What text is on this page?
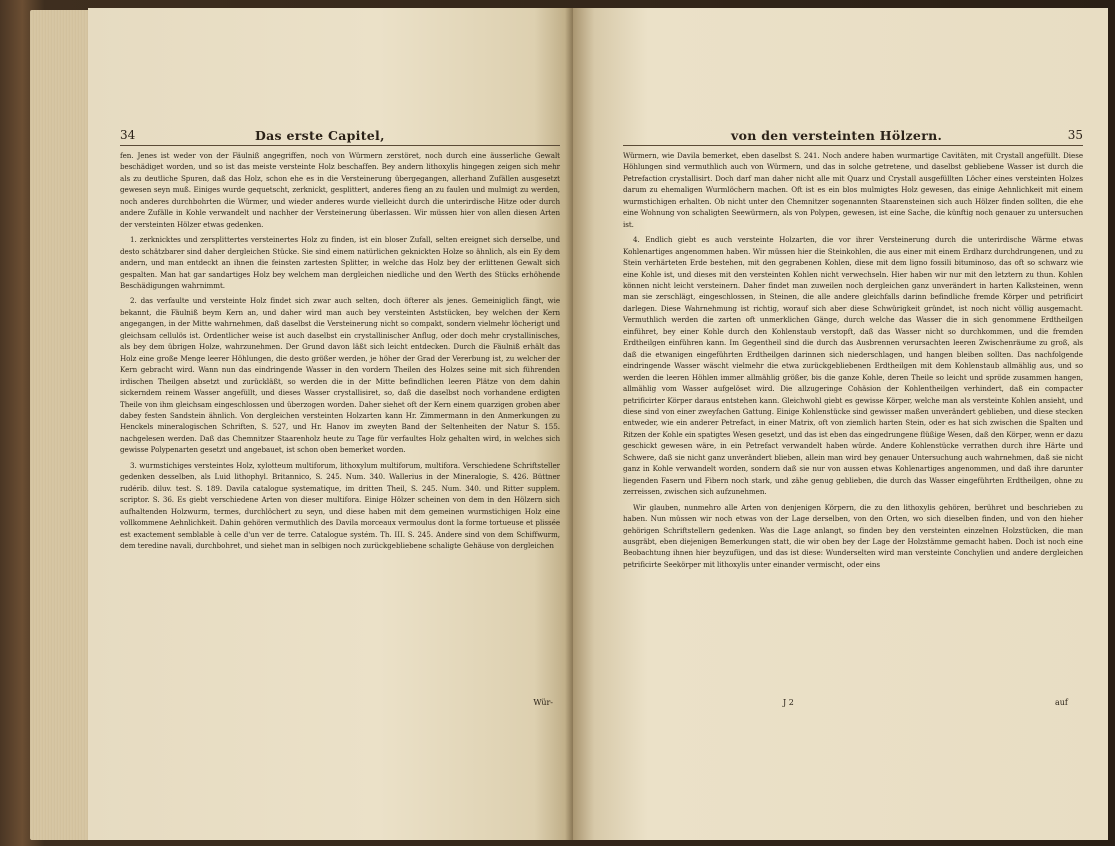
34	Das erste Capitel,

fen. Jenes ist weder von der Fäulniß angegriffen, noch von Würmern zerstöret, noch durch eine äusserliche Gewalt beschädiget worden, und so ist das meiste versteinte Holz beschaffen. Bey andern lithoxylis hingegen zeigen sich mehr als zu deutliche Spuren, daß das Holz, schon ehe es in die Versteinerung übergegangen, allerhand Zufällen ausgesetzt gewesen seyn muß. Einiges wurde gequetscht, zerknickt, gesplittert, anderes fieng an zu faulen und mulmigt zu werden, noch anderes durchbohrten die Würmer, und wieder anderes wurde vielleicht durch die unterirdische Hitze oder durch andere Zufälle in Kohle verwandelt und nachher der Versteinerung überlassen. Wir müssen hier von allen diesen Arten der versteinten Hölzer etwas gedenken.

1. zerknicktes und zersplittertes versteinertes Holz zu finden, ist ein bloser Zufall, selten ereignet sich derselbe, und desto schätzbarer sind daher dergleichen Stücke. Sie sind einem natürlichen geknickten Holze so ähnlich, als ein Ey dem andern, und man entdeckt an ihnen die feinsten zartesten Splitter, in welche das Holz bey der erlittenen Gewalt sich gespalten. Man hat gar sandartiges Holz bey welchem man dergleichen niedliche und den Werth des Stücks erhöhende Beschädigungen wahrnimmt.

2. das verfaulte und versteinte Holz findet sich zwar auch selten, doch öfterer als jenes. Gemeiniglich fängt, wie bekannt, die Fäulniß beym Kern an, und daher wird man auch bey versteinten Aststücken, bey welchen der Kern angegangen, in der Mitte wahrnehmen, daß daselbst die Versteinerung nicht so compakt, sondern vielmehr löcherigt und gleichsam cellulös ist. Ordentlicher weise ist auch daselbst ein crystallinischer Anflug, oder doch mehr crystallinisches, als bey dem übrigen Holze, wahrzunehmen. Der Grund davon läßt sich leicht entdecken. Durch die Fäulniß erhält das Holz eine große Menge leerer Höhlungen, die desto größer werden, je höher der Grad der Vererbung ist, zu welcher der Kern gebracht wird. Wann nun das eindringende Wasser in den vordern Theilen des Holzes seine mit sich führenden irdischen Theilgen absetzt und zurückläßt, so werden die in der Mitte befindlichen leeren Plätze von dem dahin sickerndem reinem Wasser angefüllt, und dieses Wasser crystallisiret, so, daß die daselbst noch vorhandene erdigten Theile von ihm gleichsam eingeschlossen und überzogen worden. Daher siehet oft der Kern einem quarzigen groben aber dabey festen Sandstein ähnlich. Von dergleichen versteinten Holzarten kann Hr. Zimmermann in den Anmerkungen zu Henckels mineralogischen Schriften, S. 527, und Hr. Hanov im zweyten Band der Seltenheiten der Natur S. 155. nachgelesen werden. Daß das Chemnitzer Staarenholz heute zu Tage für verfaultes Holz gehalten wird, in welches sich gewisse Polypenarten gesetzt und angebauet, ist schon oben bemerket worden.

3. wurmstichiges versteintes Holz, xylotteum multiforum, lithoxylum multiforum, multifora. Verschiedene Schriftsteller gedenken desselben, als Luid lithophyl. Britannico, S. 245. Num. 340. Wallerius in der Mineralogie, S. 426. Büttner rudérib. diluv. test. S. 189. Davila catalogue systematique, im dritten Theil, S. 245. Num. 340. und Ritter supplem. scriptor. S. 36. Es giebt verschiedene Arten von dieser multifora. Einige Hölzer scheinen von dem in den Hölzern sich aufhaltenden Holzwurm, termes, durchlöchert zu seyn, und diese haben mit dem gemeinen wurmstichigen Holz eine vollkommene Aehnlichkeit. Dahin gehören vermuthlich des Davila morceaux vermoulus dont la forme tortueuse et plissée est exactement semblable à celle d'un ver de terre. Catalogue systém. Th. III. S. 245. Andere sind von dem Schiffwurm, dem teredine navali, durchbohret, und siehet man in selbigen noch zurückgebliebene schaligte Gehäuse von dergleichen

Wür-
von den versteinten Hölzern.	35

Würmern, wie Davila bemerket, eben daselbst S. 241. Noch andere haben wurmartige Cavitäten, mit Crystall angefüllt. Diese Höhlungen sind vermuthlich auch von Würmern, und das in solche getretene, und daselbst gebliebene Wasser ist durch die Petrefaction crystallisirt. Doch darf man daher nicht alle mit Quarz und Crystall ausgefüllten Löcher eines versteinten Holzes darum zu ehemaligen Wurmlöchern machen. Oft ist es ein blos mulmigtes Holz gewesen, das einige Aehnlichkeit mit einem wurmstichigen erhalten. Ob nicht unter den Chemnitzer sogenannten Staarensteinen sich auch Hölzer finden sollten, die ehe eine Wohnung von schaligten Seewürmern, als von Polypen, gewesen, ist eine Sache, die künftig noch genauer zu untersuchen ist.

4. Endlich giebt es auch versteinte Holzarten, die vor ihrer Versteinerung durch die unterirdische Wärme etwas Kohlenartiges angenommen haben. Wir müssen hier die Steinkohlen, die aus einer mit einem Erdharz durchdrungenen, und zu Stein verhärteten Erde bestehen, mit den gegrabenen Kohlen, diese mit dem ligno fossili bituminoso, das oft so schwarz wie eine Kohle ist, und dieses mit den versteinten Kohlen nicht verwechseln. Hier haben wir nur mit den letztern zu thun. Kohlen können nicht leicht versteinern. Daher findet man zuweilen noch dergleichen ganz unverändert in harten Kalksteinen, wenn man sie zerschlägt, eingeschlossen, in Steinen, die alle andere gleichfalls darinn befindliche fremde Körper und petrificirt darlegen. Diese Wahrnehmung ist richtig, worauf sich aber diese Schwürigkeit gründet, ist noch nicht völlig ausgemacht. Vermuthlich werden die zarten oft unmerklichen Gänge, durch welche das Wasser die in sich genommene Erdtheilgen einführet, bey einer Kohle durch den Kohlenstaub verstopft, daß das Wasser nicht so durchkommen, und die fremden Erdtheilgen einführen kann. Im Gegentheil sind die durch das Ausbrennen verursachten leeren Zwischenräume zu groß, als daß die etwanigen eingeführten Erdtheilgen darinnen sich niederschlagen, und hangen bleiben sollten. Das nachfolgende eindringende Wasser wäscht vielmehr die etwa zurückgebliebenen Erdtheilgen mit dem Kohlenstaub allmählig aus, und so werden die leeren Höhlen immer allmählig größer, bis die ganze Kohle, deren Theile so leicht und spröde zusammen hangen, allmählig vom Wasser aufgelöset wird. Die allzugeringe Cohäsion der Kohlentheilgen verhindert, daß ein compacter petrificirter Körper daraus entstehen kann. Gleichwohl giebt es gewisse Körper, welche man als versteinte Kohlen ansieht, und diese sind von einer zweyfachen Gattung. Einige Kohlenstücke sind gewisser maßen unverändert geblieben, und diese stecken entweder, wie ein anderer Petrefact, in einer Matrix, oft von ziemlich harten Stein, oder es hat sich zwischen die Spalten und Ritzen der Kohle ein spatigtes Wesen gesetzt, und das ist eben das eingedrungene flüßige Wesen, daß den Körper, wenn er dazu geschickt gewesen wäre, in ein Petrefact verwandelt haben würde. Andere Kohlenstücke verrathen durch ihre Härte und Schwere, daß sie nicht ganz unverändert blieben, allein man wird bey genauer Untersuchung auch wahrnehmen, daß sie nicht ganz in Kohle verwandelt worden, sondern daß sie nur von aussen etwas Kohlenartiges angenommen, und daß ihre darunter liegenden Fasern und Fibern noch stark, und zähe genug geblieben, die durch das Wasser eingeführten Erdtheilgen, ohne zu zerreissen, zwischen sich aufzunehmen.

Wir glauben, nunmehro alle Arten von denjenigen Körpern, die zu den lithoxylis gehören, berühret und beschrieben zu haben. Nun müssen wir noch etwas von der Lage derselben, von den Orten, wo sich dieselben finden, und von den hieher gehörigen Schriftstellern gedenken. Was die Lage anlangt, so finden bey den versteinten einzelnen Holzstücken, die man ausgräbt, eben diejenigen Bemerkungen statt, die wir oben bey der Lage der Holzstämme gemacht haben. Doch ist noch eine Beobachtung ihnen hier beyzufügen, und das ist diese: Wunderselten wird man versteinte Conchylien und andere dergleichen petrificirte Seekörper mit lithoxylis unter einander vermischt, oder eins

J 2	auf
